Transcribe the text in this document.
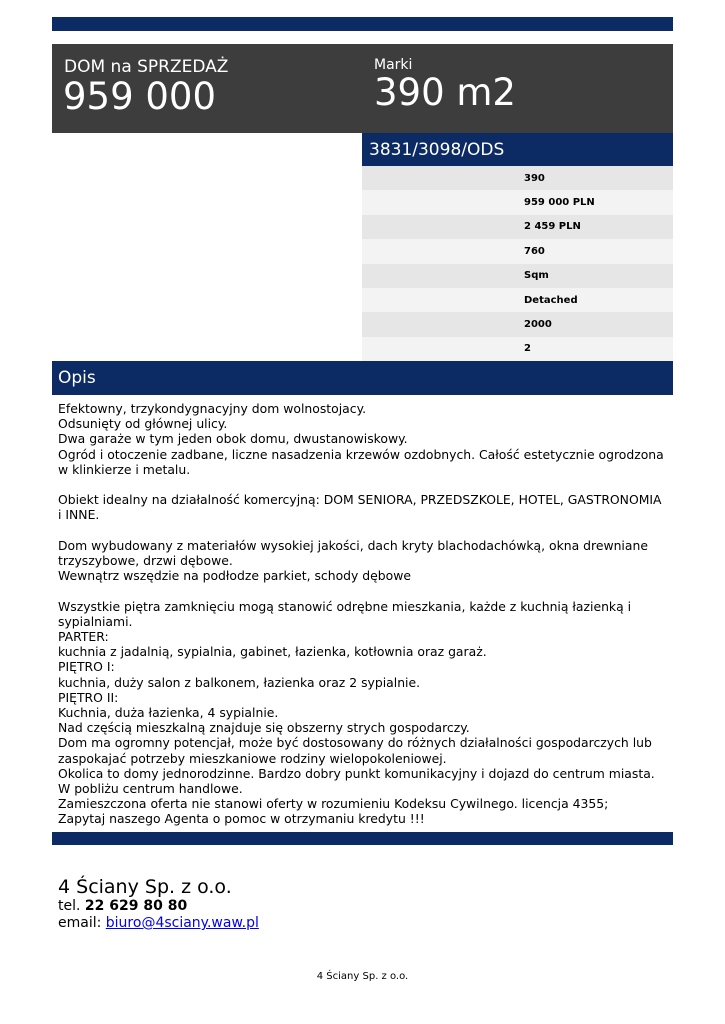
DOM na SPRZEDAŻ
959 000
Marki
390 m2
3831/3098/ODS
390
959 000 PLN
2 459 PLN
760
Sqm
Detached
2000
2
Opis
Efektowny, trzykondygnacyjny dom wolnostojacy.
Odsunięty od głównej ulicy.
Dwa garaże w tym jeden obok domu, dwustanowiskowy.
Ogród i otoczenie zadbane, liczne nasadzenia krzewów ozdobnych. Całość estetycznie ogrodzona w klinkierze i metalu.

Obiekt idealny na działalność komercyjną: DOM SENIORA, PRZEDSZKOLE, HOTEL, GASTRONOMIA i INNE.

Dom wybudowany z materiałów wysokiej jakości, dach kryty blachodachówką, okna drewniane trzyszybowe, drzwi dębowe.
Wewnątrz wszędzie na podłodze parkiet, schody dębowe

Wszystkie piętra zamknięciu mogą stanowić odrębne mieszkania, każde z kuchnią łazienką i sypialniami.
PARTER:
kuchnia z jadalnią, sypialnia, gabinet, łazienka, kotłownia oraz garaż.
PIĘTRO I:
kuchnia, duży salon z balkonem, łazienka oraz 2 sypialnie.
PIĘTRO II:
Kuchnia, duża łazienka, 4 sypialnie.
Nad częścią mieszkalną znajduje się obszerny strych gospodarczy.
Dom ma ogromny potencjał, może być dostosowany do różnych działalności gospodarczych lub zaspokajać potrzeby mieszkaniowe rodziny wielopokoleniowej.
Okolica to domy jednorodzinne. Bardzo dobry punkt komunikacyjny i dojazd do centrum miasta. W pobliżu centrum handlowe.
Zamieszczona oferta nie stanowi oferty w rozumieniu Kodeksu Cywilnego. licencja 4355;
Zapytaj naszego Agenta o pomoc w otrzymaniu kredytu !!!
4 Ściany Sp. z o.o.
tel. 22 629 80 80
email: biuro@4sciany.waw.pl
4 Ściany Sp. z o.o.
